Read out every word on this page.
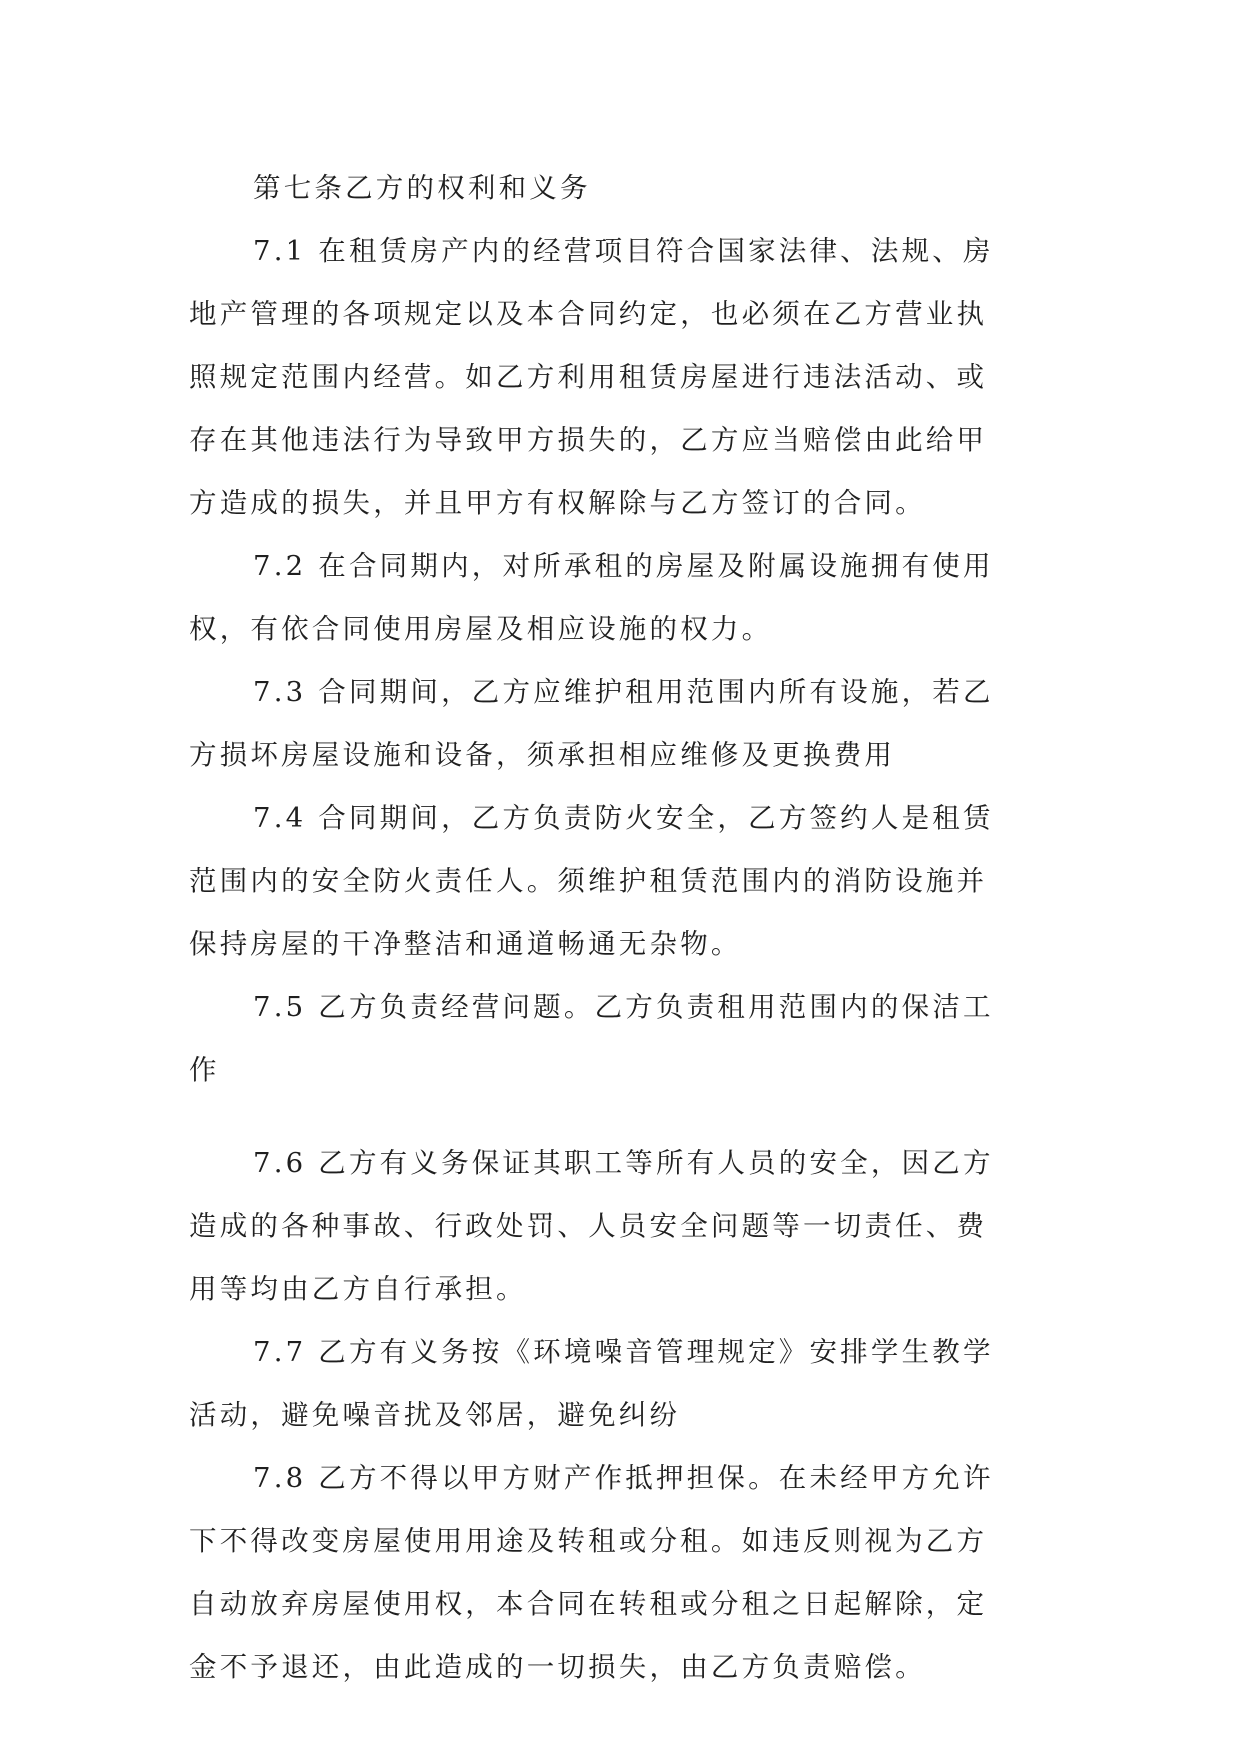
第七条乙方的权利和义务

7.1 在租赁房产内的经营项目符合国家法律、法规、房
地产管理的各项规定以及本合同约定，也必须在乙方营业执
照规定范围内经营。如乙方利用租赁房屋进行违法活动、或
存在其他违法行为导致甲方损失的，乙方应当赔偿由此给甲
方造成的损失，并且甲方有权解除与乙方签订的合同。

7.2 在合同期内，对所承租的房屋及附属设施拥有使用
权，有依合同使用房屋及相应设施的权力。

7.3 合同期间，乙方应维护租用范围内所有设施，若乙
方损坏房屋设施和设备，须承担相应维修及更换费用

7.4 合同期间，乙方负责防火安全，乙方签约人是租赁
范围内的安全防火责任人。须维护租赁范围内的消防设施并
保持房屋的干净整洁和通道畅通无杂物。

7.5 乙方负责经营问题。乙方负责租用范围内的保洁工
作

7.6 乙方有义务保证其职工等所有人员的安全，因乙方
造成的各种事故、行政处罚、人员安全问题等一切责任、费
用等均由乙方自行承担。

7.7 乙方有义务按《环境噪音管理规定》安排学生教学
活动，避免噪音扰及邻居，避免纠纷

7.8 乙方不得以甲方财产作抵押担保。在未经甲方允许
下不得改变房屋使用用途及转租或分租。如违反则视为乙方
自动放弃房屋使用权，本合同在转租或分租之日起解除，定
金不予退还，由此造成的一切损失，由乙方负责赔偿。
